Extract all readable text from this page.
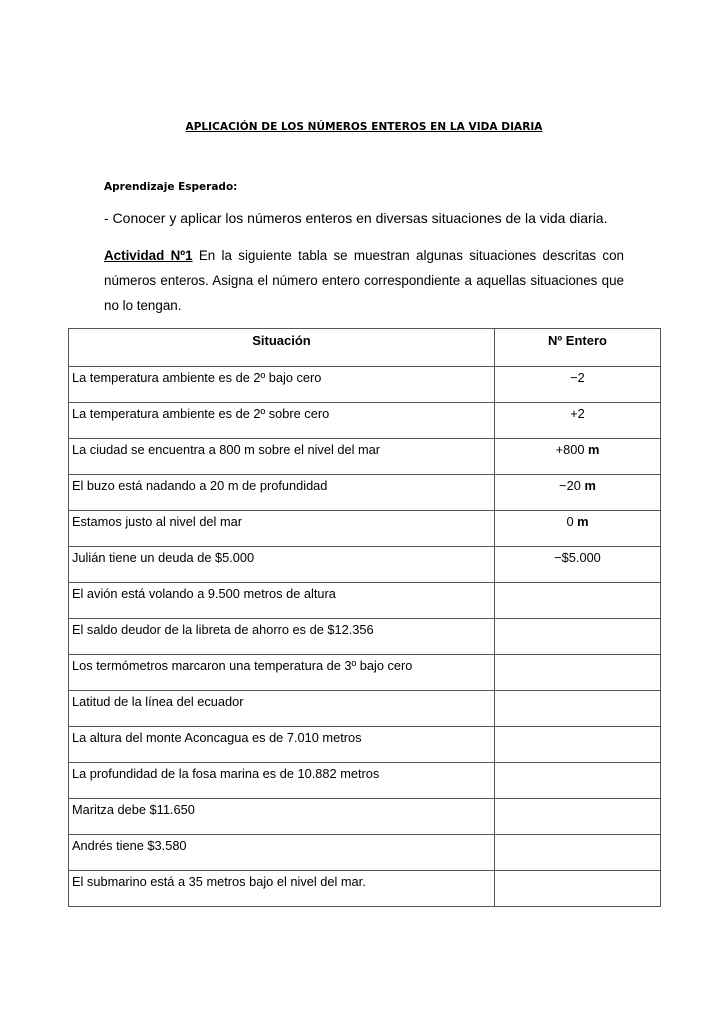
APLICACIÓN DE LOS NÚMEROS ENTEROS EN LA VIDA DIARIA
Aprendizaje Esperado:
- Conocer y aplicar los números enteros en diversas situaciones de la vida diaria.
Actividad Nº1 En la siguiente tabla se muestran algunas situaciones descritas con números enteros. Asigna el número entero correspondiente a aquellas situaciones que no lo tengan.
Situación	Nº Entero
La temperatura ambiente es de 2º bajo cero	−2
La temperatura ambiente es de 2º sobre cero	+2
La ciudad se encuentra a 800 m sobre el nivel del mar	+800 m
El buzo está nadando a 20 m de profundidad	−20 m
Estamos justo al nivel del mar	0 m
Julián tiene un deuda de $5.000	−$5.000
El avión está volando a 9.500 metros de altura	
El saldo deudor de la libreta de ahorro es de $12.356	
Los termómetros marcaron una temperatura de 3º bajo cero	
Latitud de la línea del ecuador	
La altura del monte Aconcagua es de 7.010 metros	
La profundidad de la fosa marina es de 10.882 metros	
Maritza debe $11.650	
Andrés tiene $3.580	
El submarino está a 35 metros bajo el nivel del mar.	
